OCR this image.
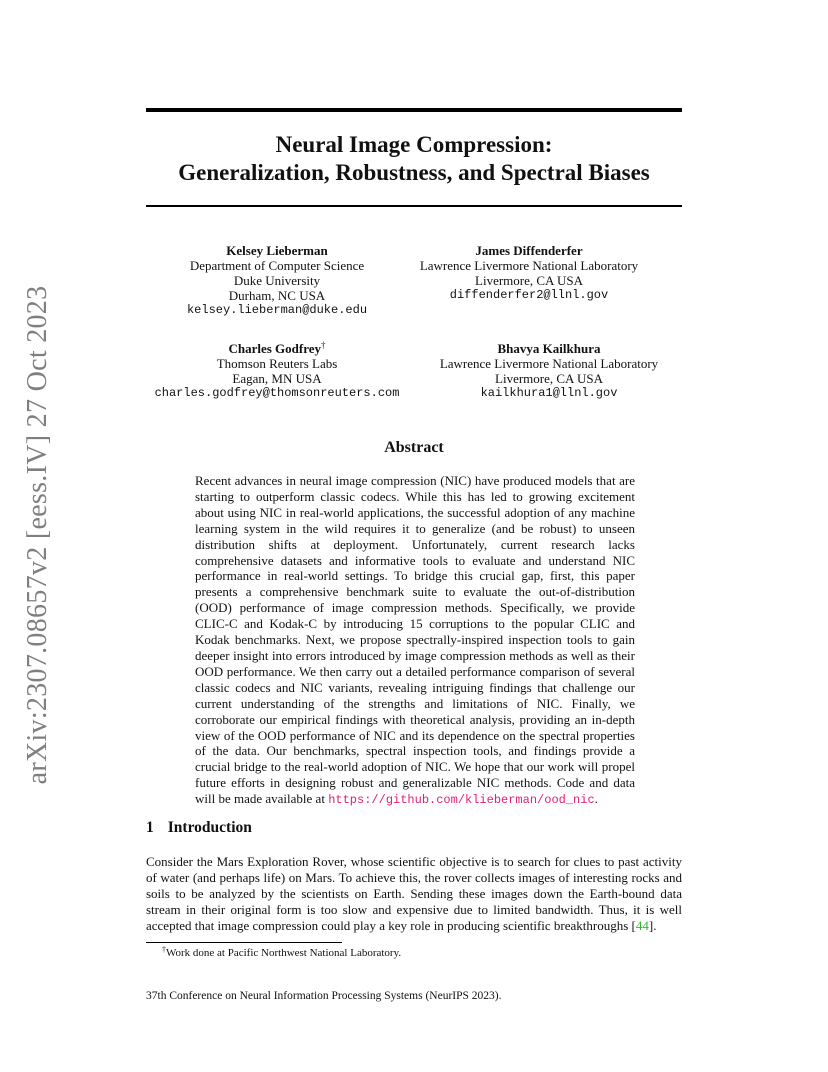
arXiv:2307.08657v2 [eess.IV] 27 Oct 2023
Neural Image Compression:
Generalization, Robustness, and Spectral Biases
Kelsey Lieberman
Department of Computer Science
Duke University
Durham, NC USA
kelsey.lieberman@duke.edu
James Diffenderfer
Lawrence Livermore National Laboratory
Livermore, CA USA
diffenderfer2@llnl.gov
Charles Godfrey†
Thomson Reuters Labs
Eagan, MN USA
charles.godfrey@thomsonreuters.com
Bhavya Kailkhura
Lawrence Livermore National Laboratory
Livermore, CA USA
kailkhura1@llnl.gov
Abstract
Recent advances in neural image compression (NIC) have produced models that are starting to outperform classic codecs. While this has led to growing excitement about using NIC in real-world applications, the successful adoption of any machine learning system in the wild requires it to generalize (and be robust) to unseen distribution shifts at deployment. Unfortunately, current research lacks comprehensive datasets and informative tools to evaluate and understand NIC performance in real-world settings. To bridge this crucial gap, first, this paper presents a comprehensive benchmark suite to evaluate the out-of-distribution (OOD) performance of image compression methods. Specifically, we provide CLIC-C and Kodak-C by introducing 15 corruptions to the popular CLIC and Kodak benchmarks. Next, we propose spectrally-inspired inspection tools to gain deeper insight into errors introduced by image compression methods as well as their OOD performance. We then carry out a detailed performance comparison of several classic codecs and NIC variants, revealing intriguing findings that challenge our current understanding of the strengths and limitations of NIC. Finally, we corroborate our empirical findings with theoretical analysis, providing an in-depth view of the OOD performance of NIC and its dependence on the spectral properties of the data. Our benchmarks, spectral inspection tools, and findings provide a crucial bridge to the real-world adoption of NIC. We hope that our work will propel future efforts in designing robust and generalizable NIC methods. Code and data will be made available at https://github.com/klieberman/ood_nic.
1 Introduction
Consider the Mars Exploration Rover, whose scientific objective is to search for clues to past activity of water (and perhaps life) on Mars. To achieve this, the rover collects images of interesting rocks and soils to be analyzed by the scientists on Earth. Sending these images down the Earth-bound data stream in their original form is too slow and expensive due to limited bandwidth. Thus, it is well accepted that image compression could play a key role in producing scientific breakthroughs [44].
†Work done at Pacific Northwest National Laboratory.
37th Conference on Neural Information Processing Systems (NeurIPS 2023).
